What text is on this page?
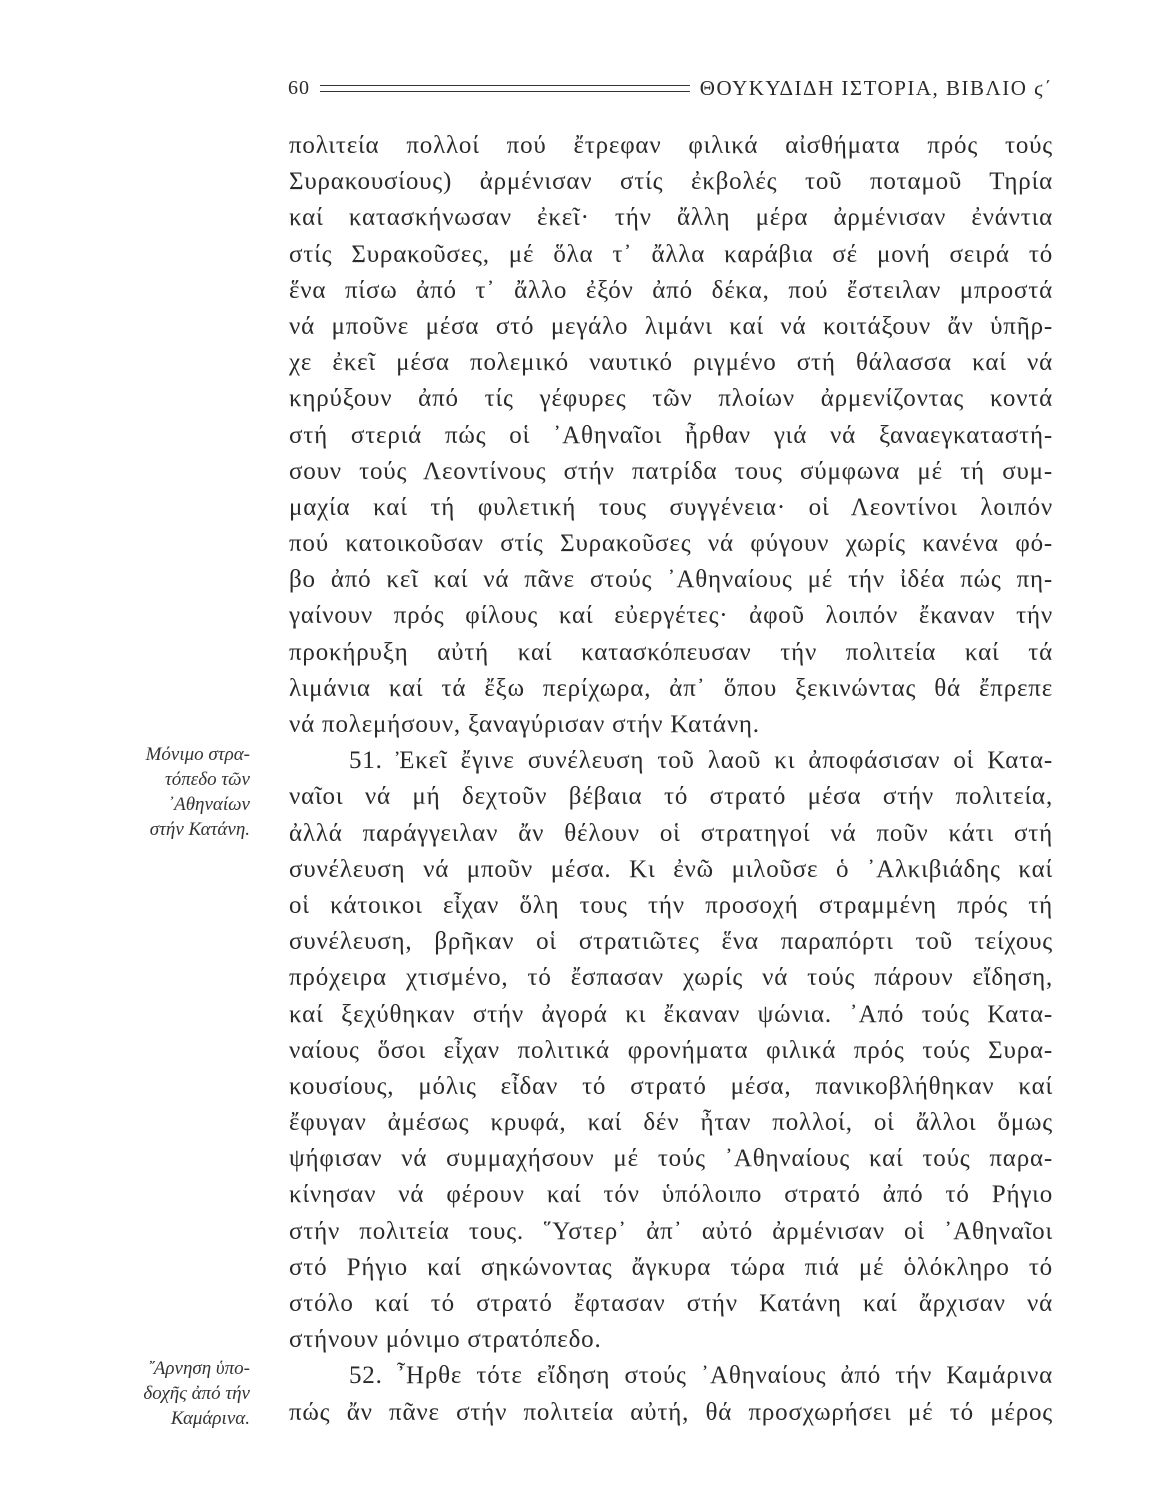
60	ΘΟΥΚΥΔΙΔΗ ΙΣΤΟΡΙΑ, ΒΙΒΛΙΟ ϛ΄
Μόνιμο στρα-
τόπεδο τῶν
᾿Αθηναίων
στήν Κατάνη.
῎Αρνηση ὑπο-
δοχῆς ἀπό τήν
Καμάρινα.
πολιτεία πολλοί πού ἔτρεφαν φιλικά αἰσθήματα πρός τούς
Συρακουσίους) ἀρμένισαν στίς ἐκβολές τοῦ ποταμοῦ Τηρία
καί κατασκήνωσαν ἐκεῖ· τήν ἄλλη μέρα ἀρμένισαν ἐνάντια
στίς Συρακοῦσες, μέ ὅλα τ᾿ ἄλλα καράβια σέ μονή σειρά τό
ἕνα πίσω ἀπό τ᾿ ἄλλο ἐξόν ἀπό δέκα, πού ἔστειλαν μπροστά
νά μποῦνε μέσα στό μεγάλο λιμάνι καί νά κοιτάξουν ἄν ὑπῆρ-
χε ἐκεῖ μέσα πολεμικό ναυτικό ριγμένο στή θάλασσα καί νά
κηρύξουν ἀπό τίς γέφυρες τῶν πλοίων ἀρμενίζοντας κοντά
στή στεριά πώς οἱ ᾿Αθηναῖοι ἦρθαν γιά νά ξαναεγκαταστή-
σουν τούς Λεοντίνους στήν πατρίδα τους σύμφωνα μέ τή συμ-
μαχία καί τή φυλετική τους συγγένεια· οἱ Λεοντίνοι λοιπόν
πού κατοικοῦσαν στίς Συρακοῦσες νά φύγουν χωρίς κανένα φό-
βο ἀπό κεῖ καί νά πᾶνε στούς ᾿Αθηναίους μέ τήν ἰδέα πώς πη-
γαίνουν πρός φίλους καί εὐεργέτες· ἀφοῦ λοιπόν ἔκαναν τήν
προκήρυξη αὐτή καί κατασκόπευσαν τήν πολιτεία καί τά
λιμάνια καί τά ἔξω περίχωρα, ἀπ᾿ ὅπου ξεκινώντας θά ἔπρεπε
νά πολεμήσουν, ξαναγύρισαν στήν Κατάνη.
51. Ἐκεῖ ἔγινε συνέλευση τοῦ λαοῦ κι ἀποφάσισαν οἱ Κατα-
ναῖοι νά μή δεχτοῦν βέβαια τό στρατό μέσα στήν πολιτεία,
ἀλλά παράγγειλαν ἄν θέλουν οἱ στρατηγοί νά ποῦν κάτι στή
συνέλευση νά μποῦν μέσα. Κι ἐνῶ μιλοῦσε ὁ ᾿Αλκιβιάδης καί
οἱ κάτοικοι εἶχαν ὅλη τους τήν προσοχή στραμμένη πρός τή
συνέλευση, βρῆκαν οἱ στρατιῶτες ἕνα παραπόρτι τοῦ τείχους
πρόχειρα χτισμένο, τό ἔσπασαν χωρίς νά τούς πάρουν εἴδηση,
καί ξεχύθηκαν στήν ἀγορά κι ἔκαναν ψώνια. ᾿Από τούς Κατα-
ναίους ὅσοι εἶχαν πολιτικά φρονήματα φιλικά πρός τούς Συρα-
κουσίους, μόλις εἶδαν τό στρατό μέσα, πανικοβλήθηκαν καί
ἔφυγαν ἀμέσως κρυφά, καί δέν ἦταν πολλοί, οἱ ἄλλοι ὅμως
ψήφισαν νά συμμαχήσουν μέ τούς ᾿Αθηναίους καί τούς παρα-
κίνησαν νά φέρουν καί τόν ὑπόλοιπο στρατό ἀπό τό Ρήγιο
στήν πολιτεία τους. ῞Υστερ᾿ ἀπ᾿ αὐτό ἀρμένισαν οἱ ᾿Αθηναῖοι
στό Ρήγιο καί σηκώνοντας ἄγκυρα τώρα πιά μέ ὁλόκληρο τό
στόλο καί τό στρατό ἔφτασαν στήν Κατάνη καί ἄρχισαν νά
στήνουν μόνιμο στρατόπεδο.
52. ῏Ηρθε τότε εἴδηση στούς ᾿Αθηναίους ἀπό τήν Καμάρινα
πώς ἄν πᾶνε στήν πολιτεία αὐτή, θά προσχωρήσει μέ τό μέρος
